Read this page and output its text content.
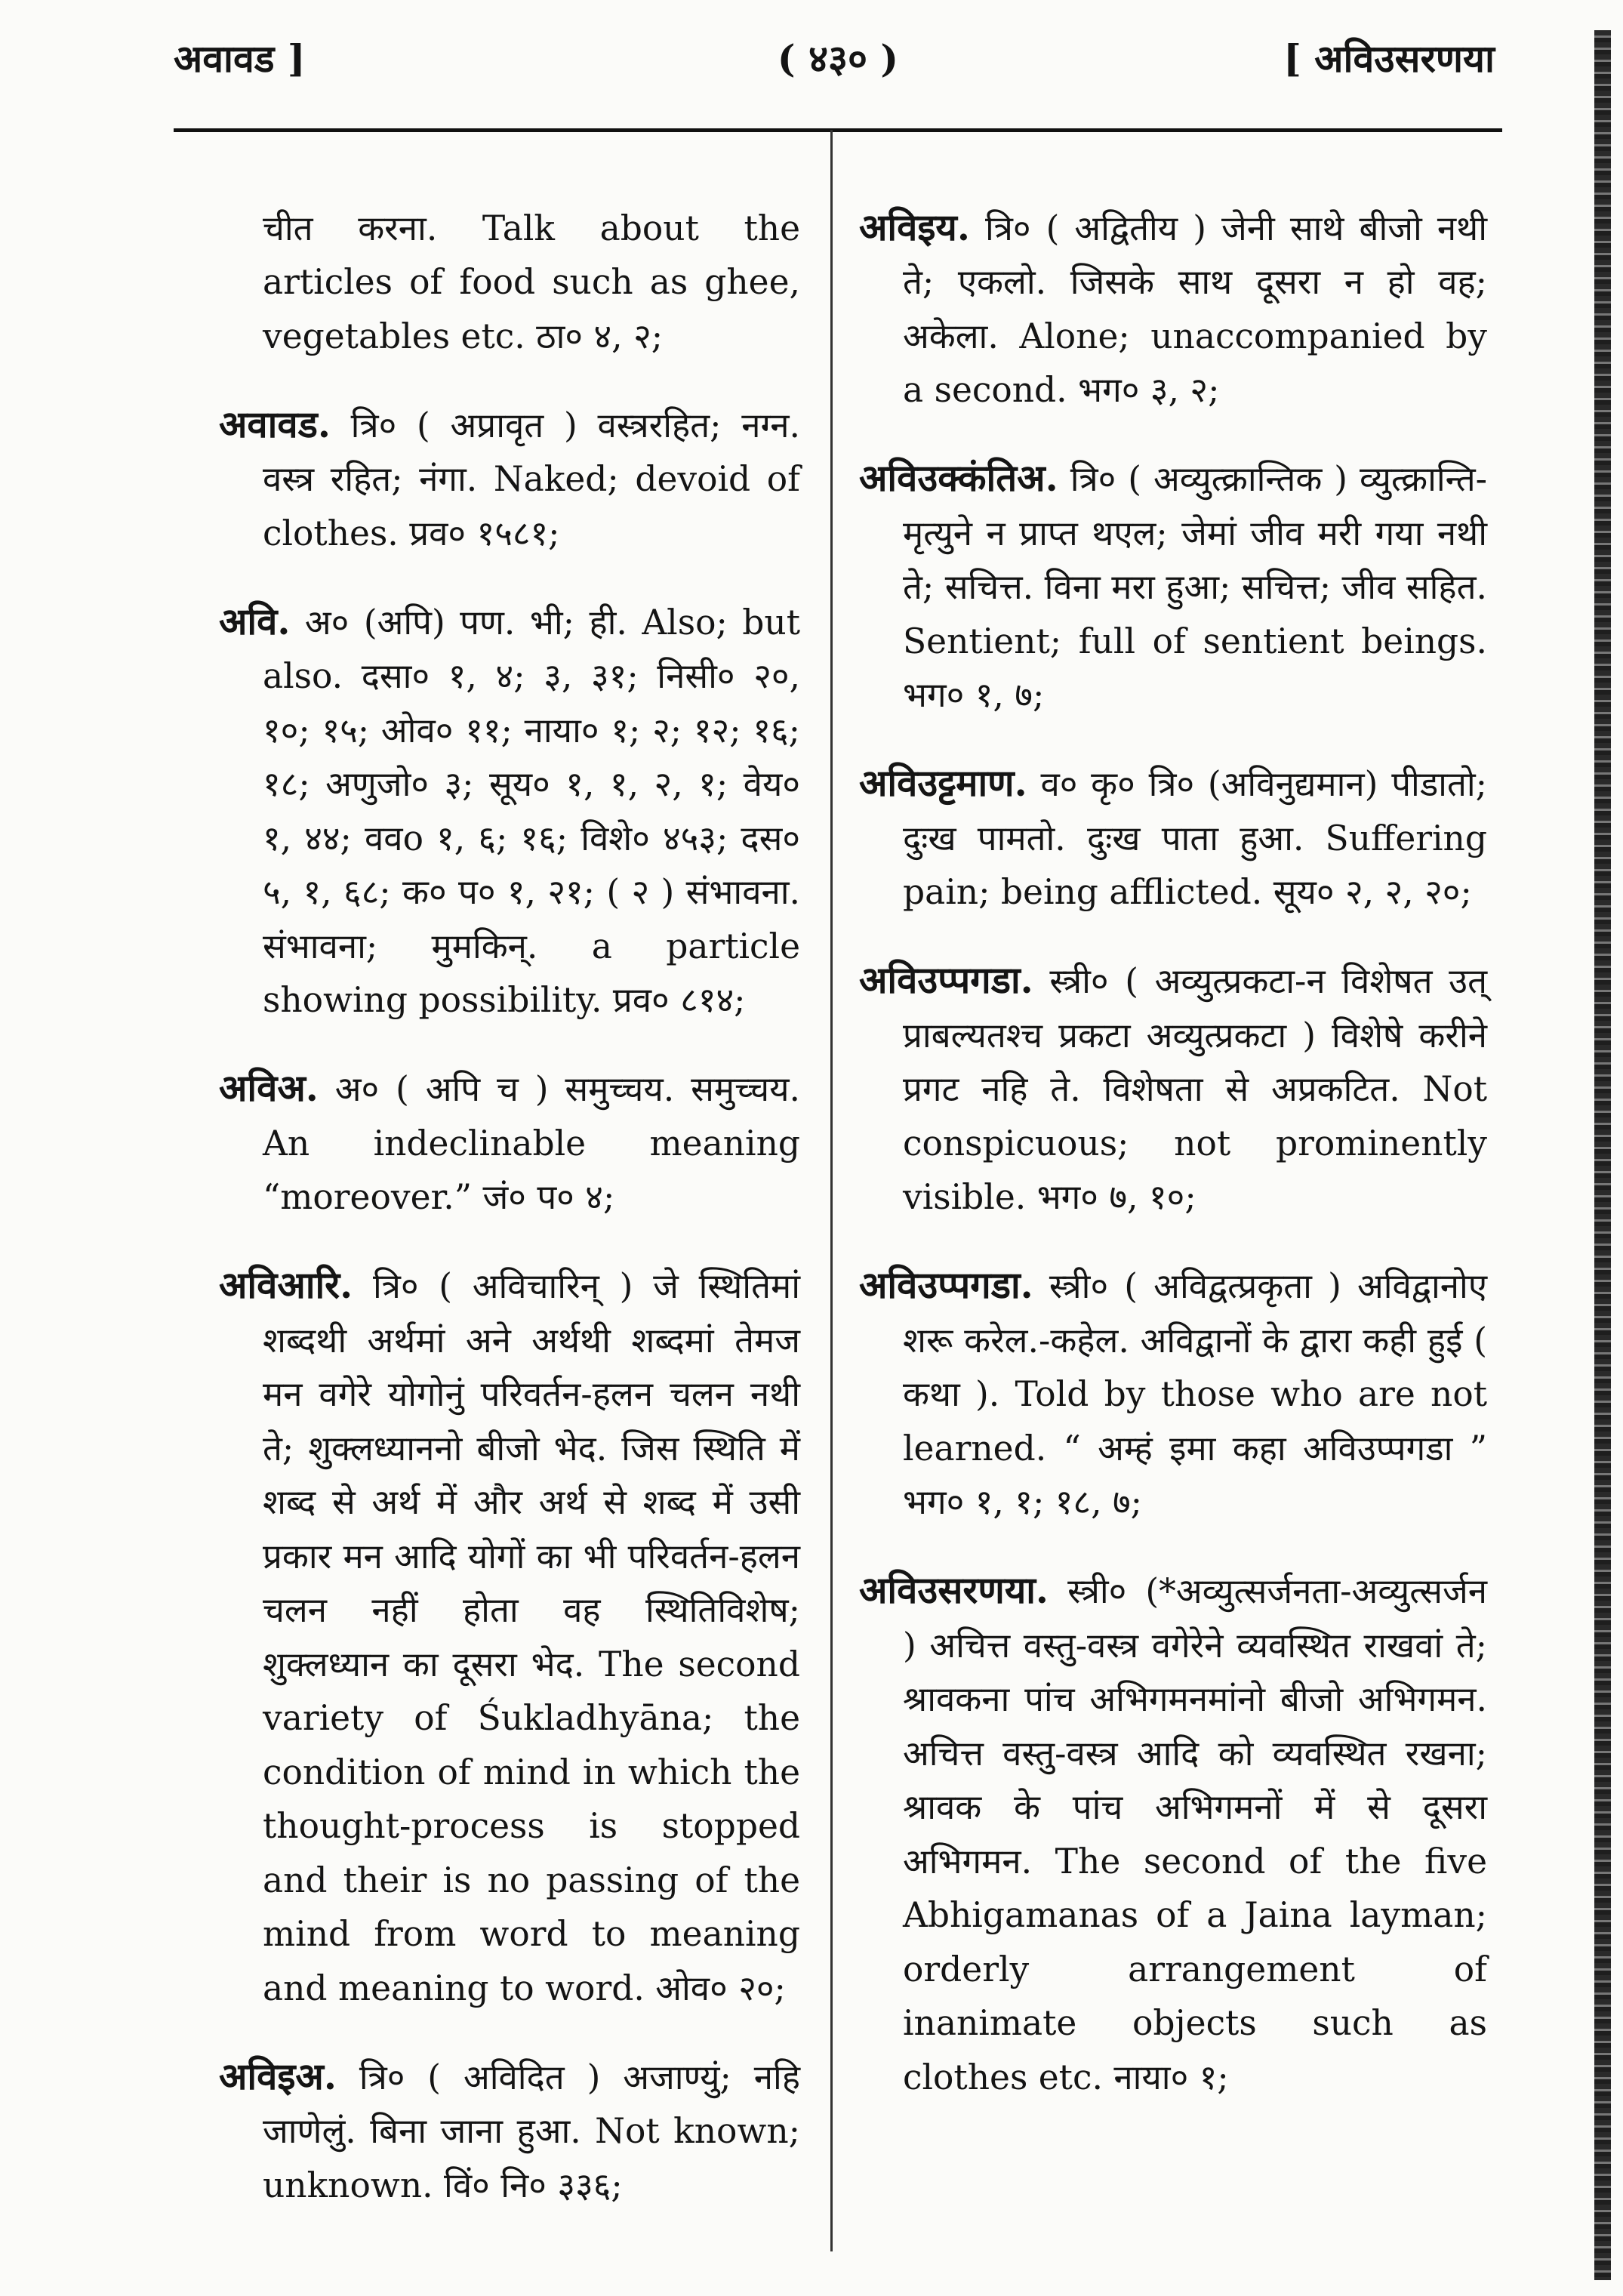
अवावड ]	( ४३० )	[ अविउसरणया

चीत करना. Talk about the articles of food such as ghee, vegetables etc. ठा० ४, २;

अवावड. त्रि० ( अप्रावृत ) वस्त्ररहित; नग्न. वस्त्र रहित; नंगा. Naked; devoid of clothes. प्रव० १५८१;

अवि. अ० (अपि) पण. भी; ही. Also; but also. दसा० १, ४; ३, ३१; निसी० २०, १०; १५; ओव० ११; नाया० १; २; १२; १६; १८; अणुजो० ३; सूय० १, १, २, १; वेय० १, ४४; ववo १, ६; १६; विशे० ४५३; दस० ५, १, ६८; क० प० १, २१; ( २ ) संभावना. संभावना; मुमकिन्. a particle showing possibility. प्रव० ८१४;

अविअ. अ० ( अपि च ) समुच्चय. समुच्चय. An indeclinable meaning “moreover.” जं० प० ४;

अविआरि. त्रि० ( अविचारिन् ) जे स्थितिमां शब्दथी अर्थमां अने अर्थथी शब्दमां तेमज मन वगेरे योगोनुं परिवर्तन-हलन चलन नथी ते; शुक्लध्याननो बीजो भेद. जिस स्थिति में शब्द से अर्थ में और अर्थ से शब्द में उसी प्रकार मन आदि योगों का भी परिवर्तन-हलन चलन नहीं होता वह स्थितिविशेष; शुक्लध्यान का दूसरा भेद. The second variety of Śukladhyāna; the condition of mind in which the thought-process is stopped and their is no passing of the mind from word to meaning and meaning to word. ओव० २०;

अविइअ. त्रि० ( अविदित ) अजाण्युं; नहि जाणेलुं. बिना जाना हुआ. Not known; unknown. विं० नि० ३३६;

अविइय. त्रि० ( अद्वितीय ) जेनी साथे बीजो नथी ते; एकलो. जिसके साथ दूसरा न हो वह; अकेला. Alone; unaccompanied by a second. भग० ३, २;

अविउक्कंतिअ. त्रि० ( अव्युत्क्रान्तिक ) व्युत्क्रान्ति-मृत्युने न प्राप्त थएल; जेमां जीव मरी गया नथी ते; सचित्त. विना मरा हुआ; सचित्त; जीव सहित. Sentient; full of sentient beings. भग० १, ७;

अविउट्टमाण. व० कृ० त्रि० (अविनुद्यमान) पीडातो; दुःख पामतो. दुःख पाता हुआ. Suffering pain; being afflicted. सूय० २, २, २०;

अविउप्पगडा. स्त्री० ( अव्युत्प्रकटा-न विशेषत उत् प्राबल्यतश्च प्रकटा अव्युत्प्रकटा ) विशेषे करीने प्रगट नहि ते. विशेषता से अप्रकटित. Not conspicuous; not prominently visible. भग० ७, १०;

अविउप्पगडा. स्त्री० ( अविद्वत्प्रकृता ) अविद्वानोए शरू करेल.-कहेल. अविद्वानों के द्वारा कही हुई ( कथा ). Told by those who are not learned. “ अम्हं इमा कहा अविउप्पगडा ” भग० १, १; १८, ७;

अविउसरणया. स्त्री० (*अव्युत्सर्जनता-अव्युत्सर्जन ) अचित्त वस्तु-वस्त्र वगेरेने व्यवस्थित राखवां ते; श्रावकना पांच अभिगमनमांनो बीजो अभिगमन. अचित्त वस्तु-वस्त्र आदि को व्यवस्थित रखना; श्रावक के पांच अभिगमनों में से दूसरा अभिगमन. The second of the five Abhigamanas of a Jaina layman; orderly arrangement of inanimate objects such as clothes etc. नाया० १;
